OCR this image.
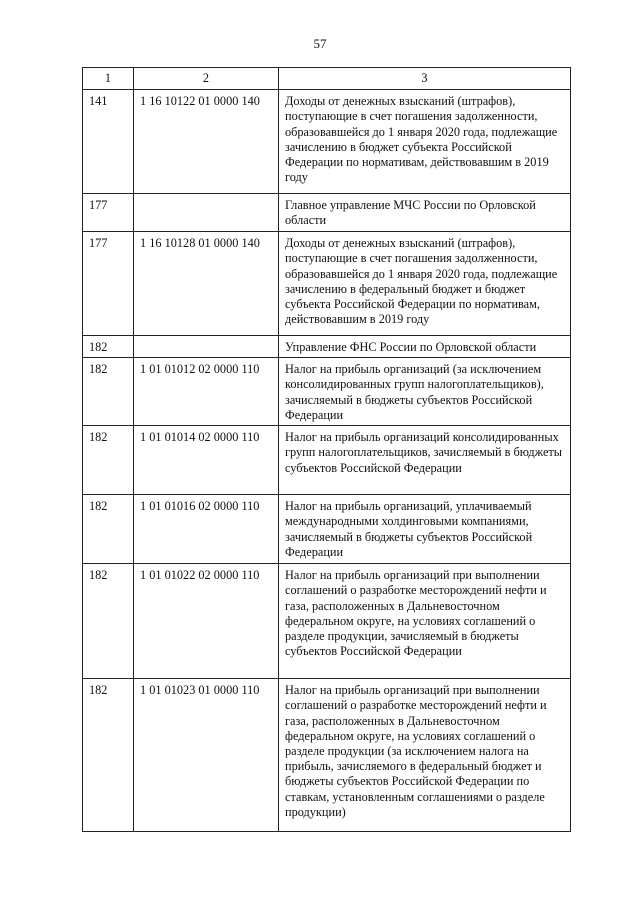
57
1	2	3
141	1 16 10122 01 0000 140	Доходы от денежных взысканий (штрафов), поступающие в счет погашения задолженности, образовавшейся до 1 января 2020 года, подлежащие зачислению в бюджет субъекта Российской Федерации по нормативам, действовавшим в 2019 году
177		Главное управление МЧС России по Орловской области
177	1 16 10128 01 0000 140	Доходы от денежных взысканий (штрафов), поступающие в счет погашения задолженности, образовавшейся до 1 января 2020 года, подлежащие зачислению в федеральный бюджет и бюджет субъекта Российской Федерации по нормативам, действовавшим в 2019 году
182		Управление ФНС России по Орловской области
182	1 01 01012 02 0000 110	Налог на прибыль организаций (за исключением консолидированных групп налогоплательщиков), зачисляемый в бюджеты субъектов Российской Федерации
182	1 01 01014 02 0000 110	Налог на прибыль организаций консолидированных групп налогоплательщиков, зачисляемый в бюджеты субъектов Российской Федерации
182	1 01 01016 02 0000 110	Налог на прибыль организаций, уплачиваемый международными холдинговыми компаниями, зачисляемый в бюджеты субъектов Российской Федерации
182	1 01 01022 02 0000 110	Налог на прибыль организаций при выполнении соглашений о разработке месторождений нефти и газа, расположенных в Дальневосточном федеральном округе, на условиях соглашений о разделе продукции, зачисляемый в бюджеты субъектов Российской Федерации
182	1 01 01023 01 0000 110	Налог на прибыль организаций при выполнении соглашений о разработке месторождений нефти и газа, расположенных в Дальневосточном федеральном округе, на условиях соглашений о разделе продукции (за исключением налога на прибыль, зачисляемого в федеральный бюджет и бюджеты субъектов Российской Федерации по ставкам, установленным соглашениями о разделе продукции)
